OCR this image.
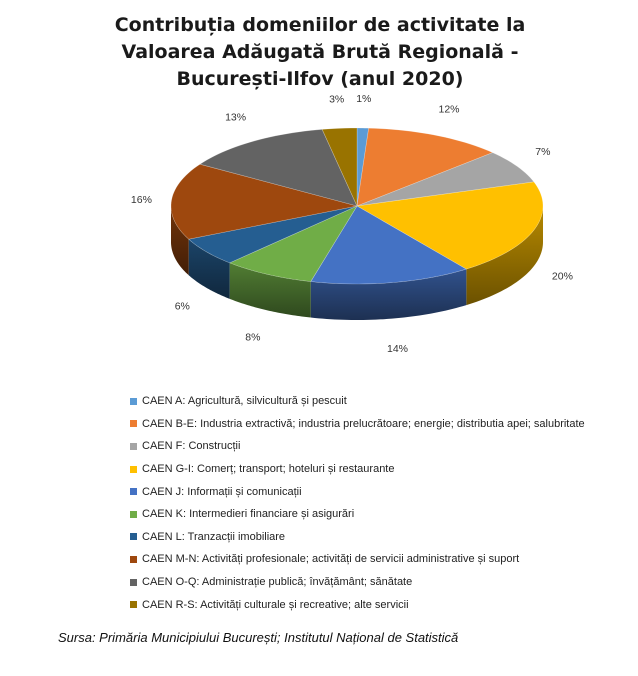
1%
12%
7%
20%
14%
8%
6%
16%
13%
3%
Contribuția domeniilor de activitate la
Valoarea Adăugată Brută Regională -
București-Ilfov (anul 2020)
CAEN A: Agricultură, silvicultură și pescuit
CAEN B-E: Industria extractivă; industria prelucrătoare; energie; distributia apei; salubritate
CAEN F: Construcții
CAEN G-I: Comerț; transport; hoteluri și restaurante
CAEN J: Informații și comunicații
CAEN K: Intermedieri financiare și asigurări
CAEN L: Tranzacții imobiliare
CAEN M-N: Activități profesionale; activități de servicii administrative și suport
CAEN O-Q: Administrație publică; învățământ; sănătate
CAEN R-S: Activități culturale și recreative; alte servicii
Sursa: Primăria Municipiului București; Institutul Național de Statistică
